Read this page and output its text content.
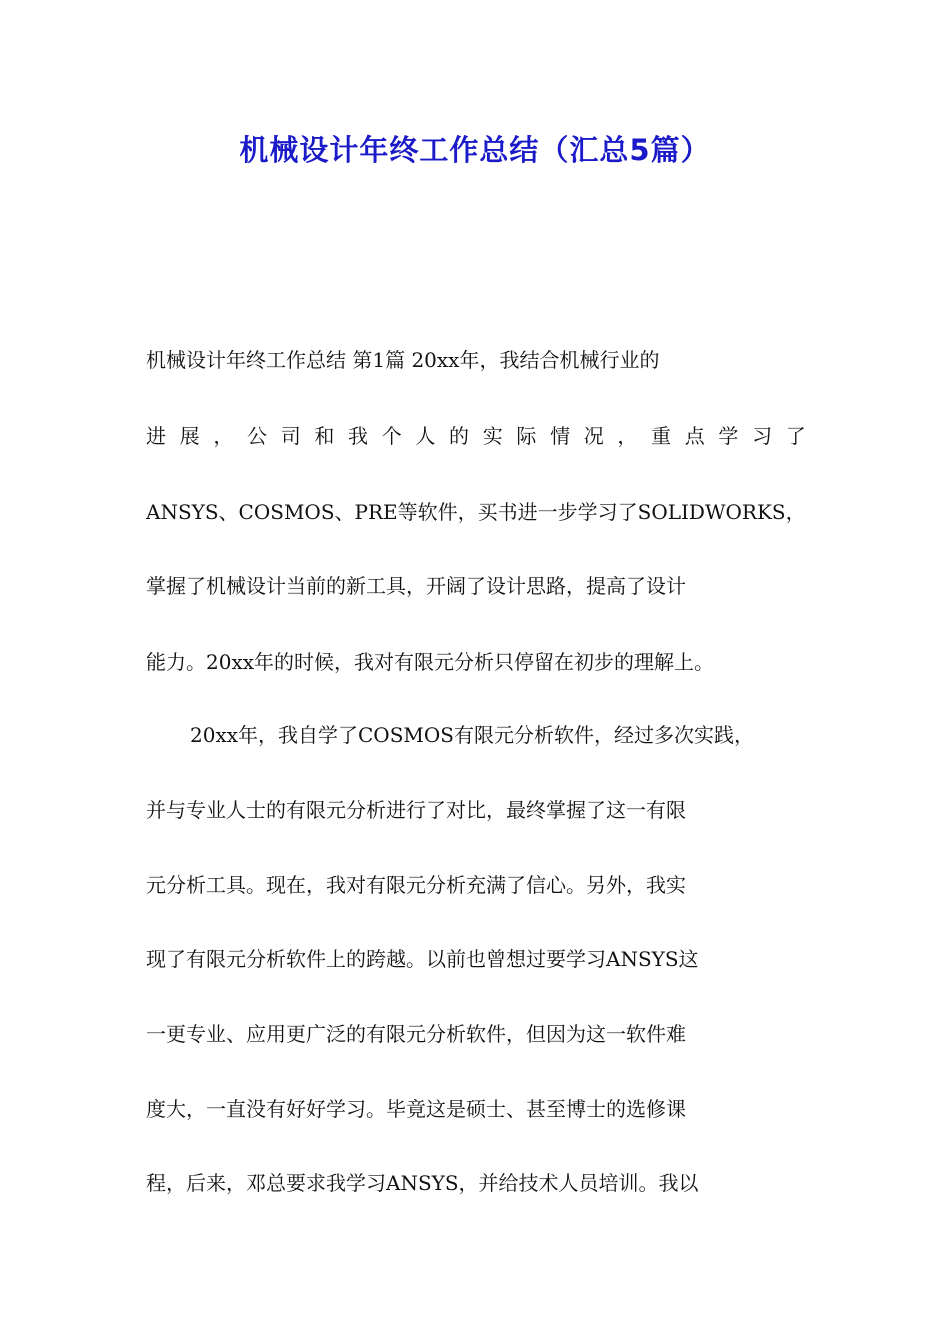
机械设计年终工作总结（汇总5篇）
机械设计年终工作总结 第1篇 20xx年，我结合机械行业的
进 展 ， 公 司 和 我 个 人 的 实 际 情 况 ， 重 点 学 习 了
ANSYS、COSMOS、PRE等软件，买书进一步学习了SOLIDWORKS，
掌握了机械设计当前的新工具，开阔了设计思路，提高了设计
能力。20xx年的时候，我对有限元分析只停留在初步的理解上。
20xx年，我自学了COSMOS有限元分析软件，经过多次实践，
并与专业人士的有限元分析进行了对比，最终掌握了这一有限
元分析工具。现在，我对有限元分析充满了信心。另外，我实
现了有限元分析软件上的跨越。以前也曾想过要学习ANSYS这
一更专业、应用更广泛的有限元分析软件，但因为这一软件难
度大，一直没有好好学习。毕竟这是硕士、甚至博士的选修课
程，后来，邓总要求我学习ANSYS，并给技术人员培训。我以
